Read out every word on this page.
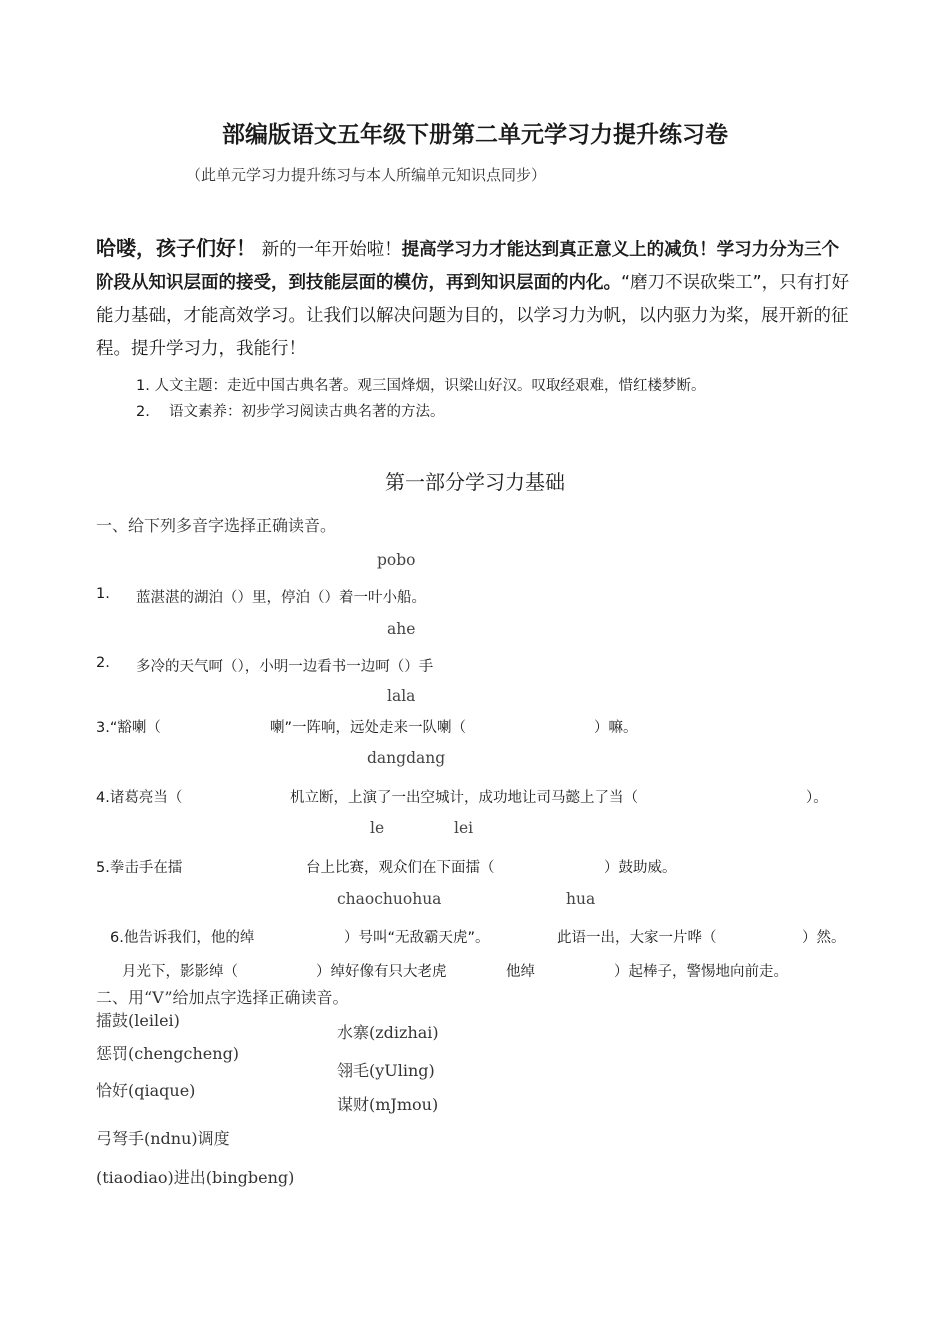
部编版语文五年级下册第二单元学习力提升练习卷
（此单元学习力提升练习与本人所编单元知识点同步）
哈喽，孩子们好！ 新的一年开始啦！提高学习力才能达到真正意义上的减负！学习力分为三个阶段从知识层面的接受，到技能层面的模仿，再到知识层面的内化。“磨刀不误砍柴工”，只有打好能力基础，才能高效学习。让我们以解决问题为目的，以学习力为帆，以内驱力为桨，展开新的征程。提升学习力，我能行！
1. 人文主题：走近中国古典名著。观三国烽烟，识梁山好汉。叹取经艰难，惜红楼梦断。
2.　 语文素养：初步学习阅读古典名著的方法。
第一部分学习力基础
一、给下列多音字选择正确读音。
pobo
1. 蓝湛湛的湖泊（）里，停泊（）着一叶小船。
ahe
2. 多冷的天气呵（），小明一边看书一边呵（）手
lala
3.“豁喇（	喇”一阵响，远处走来一队喇（	）嘛。
dangdang
4.诸葛亮当（	机立断，上演了一出空城计，成功地让司马懿上了当（	）。
le	lei
5.拳击手在擂	台上比赛，观众们在下面擂（	）鼓助威。
chaochuohua	hua
6.他告诉我们，他的绰	）号叫“无敌霸天虎”。	此语一出，大家一片哗（	）然。
月光下，影影绰（	）绰好像有只大老虎	他绰	）起棒子，警惕地向前走。
二、用“V”给加点字选择正确读音。
擂鼓(leilei)
水寨(zdizhai)
惩罚(chengcheng)
翎毛(yUling)
恰好(qiaque)
谋财(mJmou)
弓弩手(ndnu)调度
(tiaodiao)进出(bingbeng)
